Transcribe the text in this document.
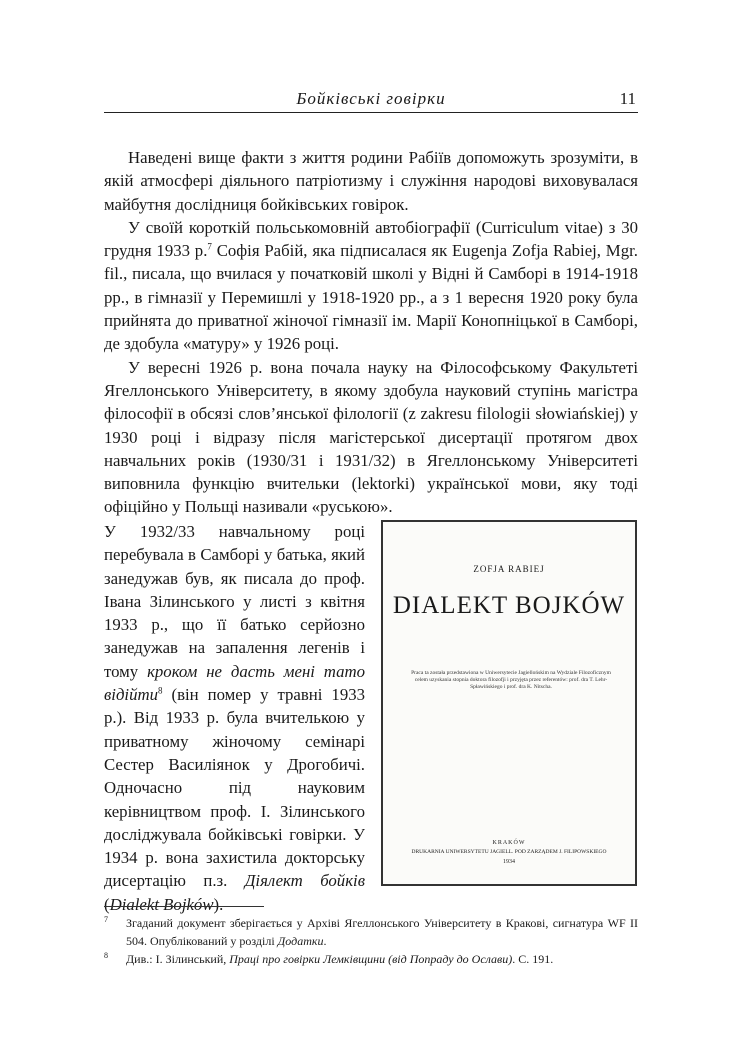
Бойківські говірки	11

Наведені вище факти з життя родини Рабіїв допоможуть зрозуміти, в якій атмосфері діяльного патріотизму і служіння народові виховувалася майбутня дослідниця бойківських говірок.

У своїй короткій польськомовній автобіографії (Curriculum vitae) з 30 грудня 1933 р.$^7$ Софія Рабій, яка підписалася як Eugenja Zofja Rabiej, Mgr. fil., писала, що вчилася у початковій школі у Відні й Самборі в 1914-1918 рр., в гімназії у Перемишлі у 1918-1920 рр., а з 1 вересня 1920 року була прийнята до приватної жіночої гімназії ім. Марії Конопніцької в Самборі, де здобула «матуру» у 1926 році.

У вересні 1926 р. вона почала науку на Філософському Факультеті Ягеллонського Університету, в якому здобула науковий ступінь магістра філософії в обсязі слов’янської філології (z zakresu filologii słowiańskiej) у 1930 році і відразу після магістерської дисертації протягом двох навчальних років (1930/31 і 1931/32) в Ягеллонському Університеті виповнила функцію вчительки (lektorki) української мови, яку тоді офіційно у Польщі називали «руською».

У 1932/33 навчальному році перебувала в Самборі у батька, який занедужав був, як писала до проф. Івана Зілинського у листі з квітня 1933 р., що її батько серйозно занедужав на запалення легенів і тому кроком не дасть мені тато відійти$^8$ (він помер у травні 1933 р.). Від 1933 р. була вчителькою у приватному жіночому семінарі Сестер Василіянок у Дрогобичі. Одночасно під науковим керівництвом проф. І. Зілинського досліджувала бойківські говірки. У 1934 р. вона захистила докторську дисертацію п.з. Діялект бойків (Dialekt Bojków).
ZOFJA RABIEJ
DIALEKT BOJKÓW
Praca ta została przedstawiona w Uniwersytecie Jagiellońskim na Wydziale Filozoficznym celem uzyskania stopnia doktora filozofji i przyjęta przez referentów: prof. dra T. Lehr-Spławińskiego i prof. dra K. Nitscha.
KRAKÓW
DRUKARNIA UNIWERSYTETU JAGIELL. POD ZARZĄDEM J. FILIPOWSKIEGO
1934

7 Згаданий документ зберігається у Архіві Ягеллонського Університету в Кракові, сигнатура WF II 504. Опублікований у розділі Додатки.

8 Див.: І. Зілинський, Праці про говірки Лемківщини (від Попраду до Ослави). С. 191.
